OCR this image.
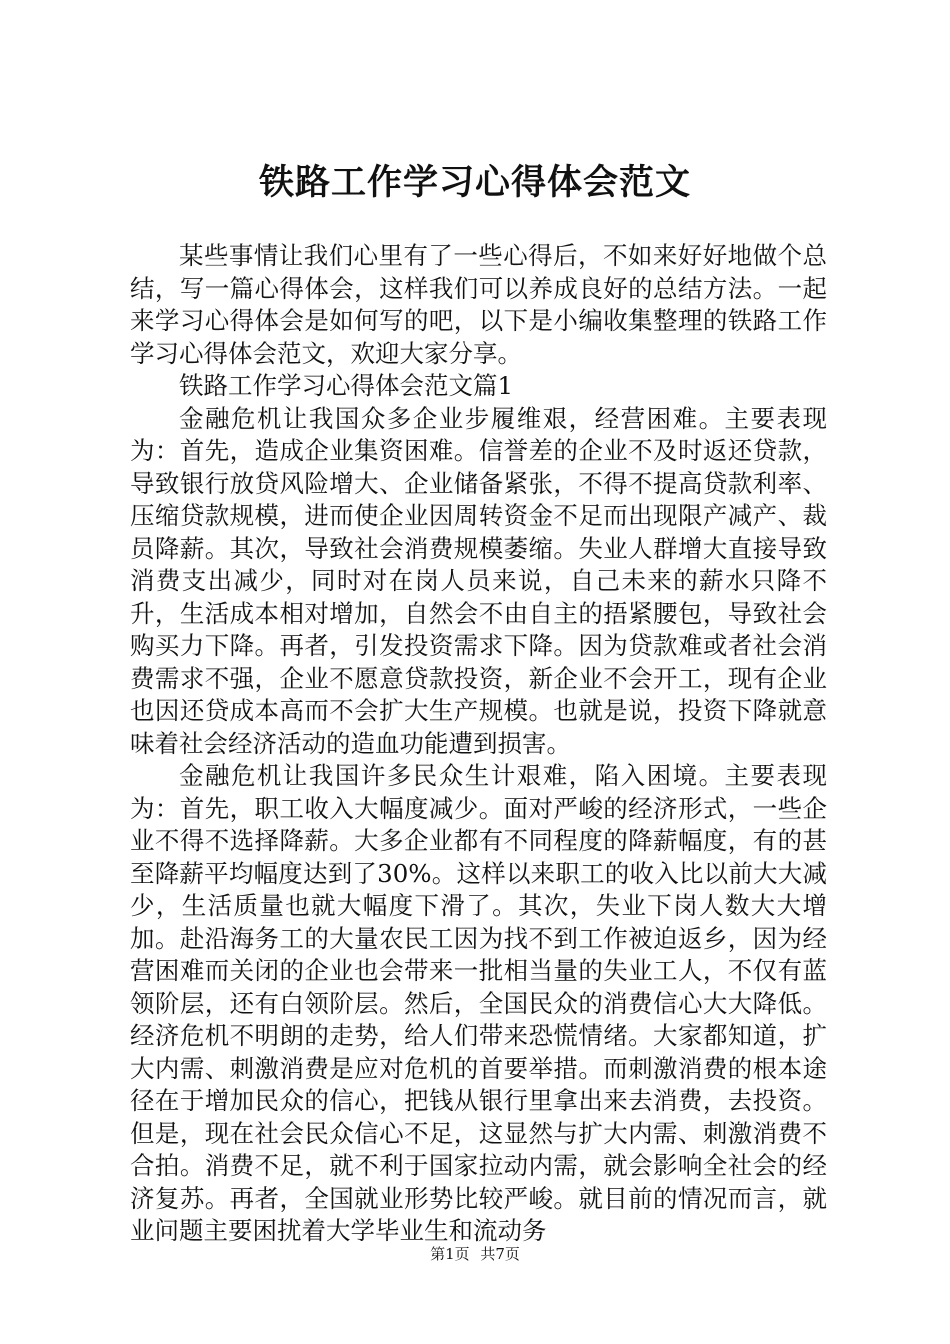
铁路工作学习心得体会范文

某些事情让我们心里有了一些心得后，不如来好好地做个总结，写一篇心得体会，这样我们可以养成良好的总结方法。一起来学习心得体会是如何写的吧，以下是小编收集整理的铁路工作学习心得体会范文，欢迎大家分享。

铁路工作学习心得体会范文篇1

金融危机让我国众多企业步履维艰，经营困难。主要表现为：首先，造成企业集资困难。信誉差的企业不及时返还贷款，导致银行放贷风险增大、企业储备紧张，不得不提高贷款利率、压缩贷款规模，进而使企业因周转资金不足而出现限产减产、裁员降薪。其次，导致社会消费规模萎缩。失业人群增大直接导致消费支出减少，同时对在岗人员来说，自己未来的薪水只降不升，生活成本相对增加，自然会不由自主的捂紧腰包，导致社会购买力下降。再者，引发投资需求下降。因为贷款难或者社会消费需求不强，企业不愿意贷款投资，新企业不会开工，现有企业也因还贷成本高而不会扩大生产规模。也就是说，投资下降就意味着社会经济活动的造血功能遭到损害。

金融危机让我国许多民众生计艰难，陷入困境。主要表现为：首先，职工收入大幅度减少。面对严峻的经济形式，一些企业不得不选择降薪。大多企业都有不同程度的降薪幅度，有的甚至降薪平均幅度达到了30%。这样以来职工的收入比以前大大减少，生活质量也就大幅度下滑了。其次，失业下岗人数大大增加。赴沿海务工的大量农民工因为找不到工作被迫返乡，因为经营困难而关闭的企业也会带来一批相当量的失业工人，不仅有蓝领阶层，还有白领阶层。然后，全国民众的消费信心大大降低。经济危机不明朗的走势，给人们带来恐慌情绪。大家都知道，扩大内需、刺激消费是应对危机的首要举措。而刺激消费的根本途径在于增加民众的信心，把钱从银行里拿出来去消费，去投资。但是，现在社会民众信心不足，这显然与扩大内需、刺激消费不合拍。消费不足，就不利于国家拉动内需，就会影响全社会的经济复苏。再者，全国就业形势比较严峻。就目前的情况而言，就业问题主要困扰着大学毕业生和流动务

第1页 共7页
